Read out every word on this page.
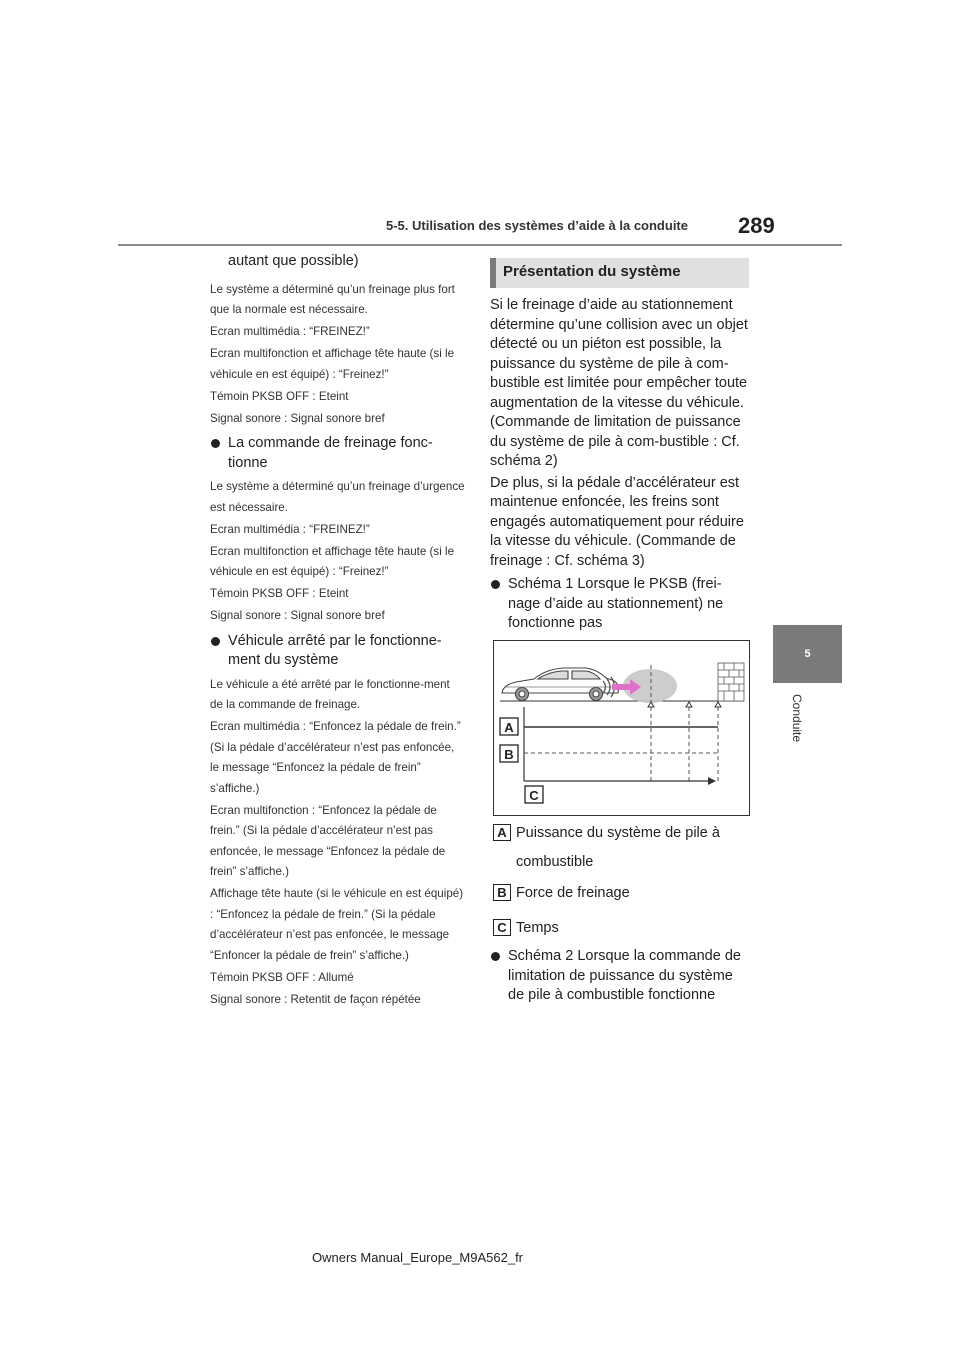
5-5. Utilisation des systèmes d’aide à la conduite 289
5
Conduite

autant que possible)

Le système a déterminé qu’un freinage plus fort que la normale est nécessaire.

Ecran multimédia : “FREINEZ!”

Ecran multifonction et affichage tête haute (si le véhicule en est équipé) : “Freinez!”

Témoin PKSB OFF : Eteint

Signal sonore : Signal sonore bref

La commande de freinage fonc-tionne

Le système a déterminé qu’un freinage d’urgence est nécessaire.

Ecran multimédia : “FREINEZ!”

Ecran multifonction et affichage tête haute (si le véhicule en est équipé) : “Freinez!”

Témoin PKSB OFF : Eteint

Signal sonore : Signal sonore bref

Véhicule arrêté par le fonctionne-ment du système

Le véhicule a été arrêté par le fonctionne-ment de la commande de freinage.

Ecran multimédia : “Enfoncez la pédale de frein.” (Si la pédale d’accélérateur n’est pas enfoncée, le message “Enfoncez la pédale de frein” s’affiche.)

Ecran multifonction : “Enfoncez la pédale de frein.” (Si la pédale d’accélérateur n’est pas enfoncée, le message “Enfoncez la pédale de frein” s’affiche.)

Affichage tête haute (si le véhicule en est équipé) : “Enfoncez la pédale de frein.” (Si la pédale d’accélérateur n’est pas enfoncée, le message “Enfoncer la pédale de frein” s’affiche.)

Témoin PKSB OFF : Allumé

Signal sonore : Retentit de façon répétée

Présentation du système

Si le freinage d’aide au stationnement détermine qu’une collision avec un objet détecté ou un piéton est possible, la puissance du système de pile à com-bustible est limitée pour empêcher toute augmentation de la vitesse du véhicule. (Commande de limitation de puissance du système de pile à com-bustible : Cf. schéma 2)

De plus, si la pédale d’accélérateur est maintenue enfoncée, les freins sont engagés automatiquement pour réduire la vitesse du véhicule. (Commande de freinage : Cf. schéma 3)

Schéma 1 Lorsque le PKSB (frei-nage d’aide au stationnement) ne fonctionne pas

A
B
C
A Puissance du système de pile à
combustible
B Force de freinage
C Temps

Schéma 2 Lorsque la commande de limitation de puissance du système de pile à combustible fonctionne

Owners Manual_Europe_M9A562_fr
